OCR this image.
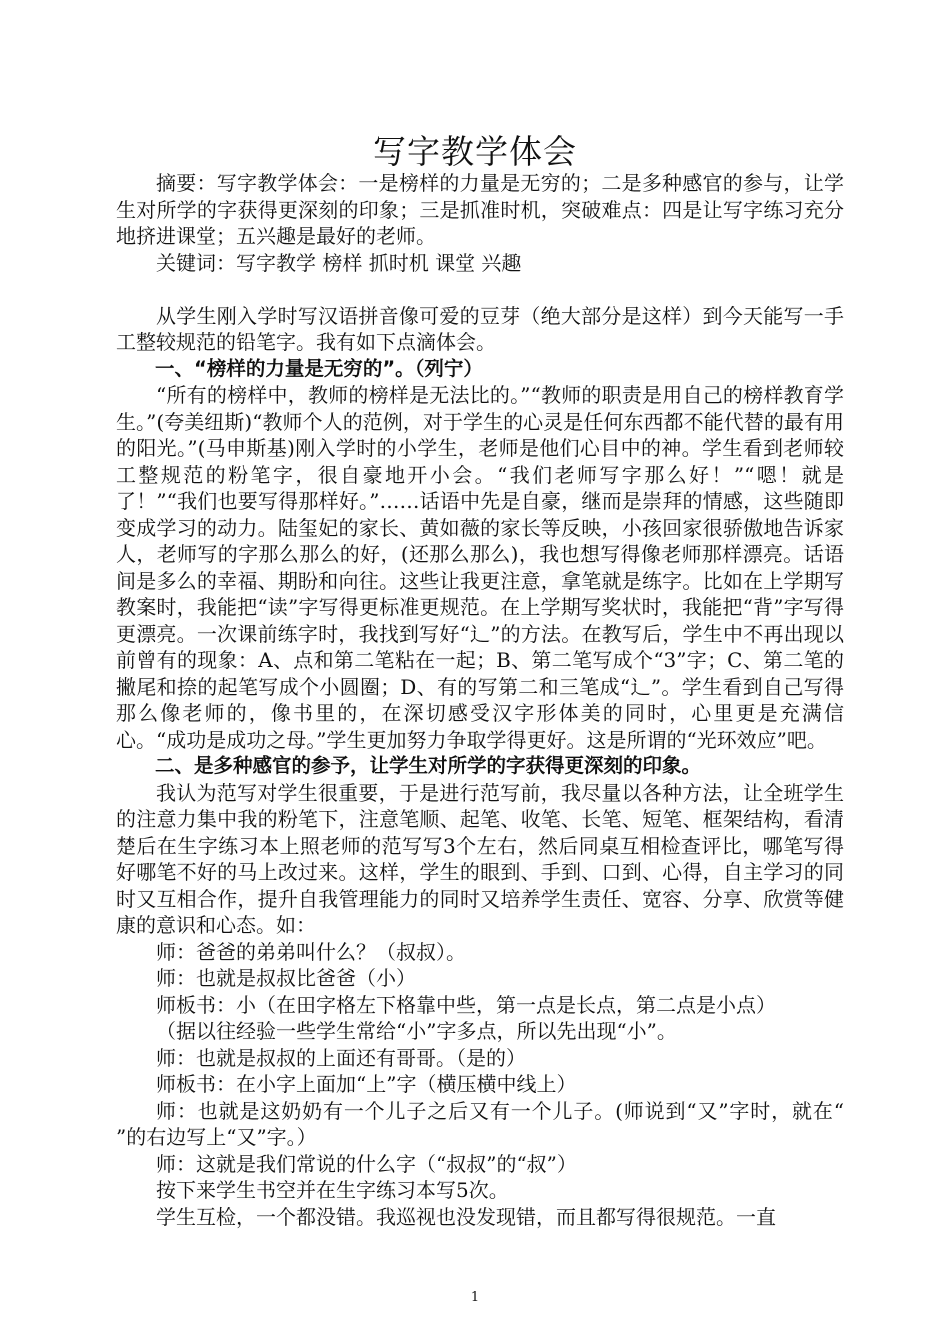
写字教学体会

摘要：写字教学体会：一是榜样的力量是无穷的；二是多种感官的参与，让学生对所学的字获得更深刻的印象；三是抓准时机，突破难点：四是让写字练习充分地挤进课堂；五兴趣是最好的老师。

关键词：写字教学 榜样 抓时机 课堂 兴趣

从学生刚入学时写汉语拼音像可爱的豆芽（绝大部分是这样）到今天能写一手工整较规范的铅笔字。我有如下点滴体会。

一、“榜样的力量是无穷的”。（列宁）

“所有的榜样中，教师的榜样是无法比的。”“教师的职责是用自己的榜样教育学生。”(夸美纽斯)“教师个人的范例，对于学生的心灵是任何东西都不能代替的最有用的阳光。”(马申斯基)刚入学时的小学生，老师是他们心目中的神。学生看到老师较工整规范的粉笔字，很自豪地开小会。“我们老师写字那么好！”“嗯！就是了！”“我们也要写得那样好。”……话语中先是自豪，继而是崇拜的情感，这些随即变成学习的动力。陆玺妃的家长、黄如薇的家长等反映，小孩回家很骄傲地告诉家人，老师写的字那么那么的好，(还那么那么)，我也想写得像老师那样漂亮。话语间是多么的幸福、期盼和向往。这些让我更注意，拿笔就是练字。比如在上学期写教案时，我能把“读”字写得更标准更规范。在上学期写奖状时，我能把“背”字写得更漂亮。一次课前练字时，我找到写好“辶”的方法。在教写后，学生中不再出现以前曾有的现象：A、点和第二笔粘在一起；B、第二笔写成个“3”字；C、第二笔的撇尾和捺的起笔写成个小圆圈；D、有的写第二和三笔成“辶”。学生看到自己写得那么像老师的，像书里的，在深切感受汉字形体美的同时，心里更是充满信心。“成功是成功之母。”学生更加努力争取学得更好。这是所谓的“光环效应”吧。

二、是多种感官的参予，让学生对所学的字获得更深刻的印象。

我认为范写对学生很重要，于是进行范写前，我尽量以各种方法，让全班学生的注意力集中我的粉笔下，注意笔顺、起笔、收笔、长笔、短笔、框架结构，看清楚后在生字练习本上照老师的范写写3个左右，然后同桌互相检查评比，哪笔写得好哪笔不好的马上改过来。这样，学生的眼到、手到、口到、心得，自主学习的同时又互相合作，提升自我管理能力的同时又培养学生责任、宽容、分享、欣赏等健康的意识和心态。如：

师：爸爸的弟弟叫什么？（叔叔）。

师：也就是叔叔比爸爸（小）

师板书：小（在田字格左下格靠中些，第一点是长点，第二点是小点）

（据以往经验一些学生常给“小”字多点，所以先出现“小”。

师：也就是叔叔的上面还有哥哥。（是的）

师板书：在小字上面加“上”字（横压横中线上）

师：也就是这奶奶有一个儿子之后又有一个儿子。(师说到“又”字时，就在“ ”的右边写上“又”字。）

师：这就是我们常说的什么字（“叔叔”的“叔”）

按下来学生书空并在生字练习本写5次。

学生互检，一个都没错。我巡视也没发现错，而且都写得很规范。一直

1
